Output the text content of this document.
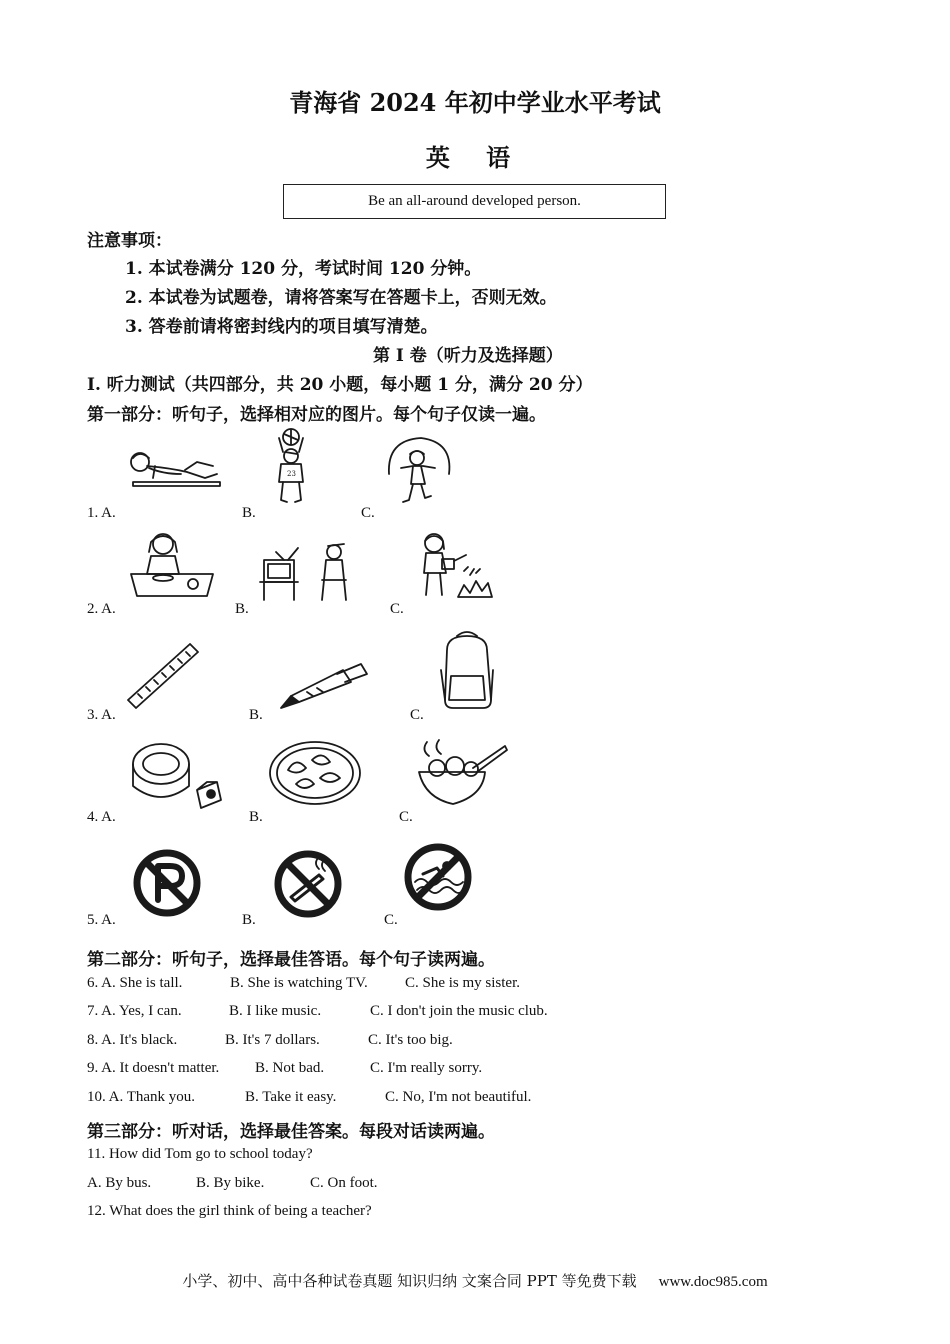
青海省 2024 年初中学业水平考试
英 语
Be an all-around developed person.
注意事项：
1. 本试卷满分 120 分，考试时间 120 分钟。
2. 本试卷为试题卷，请将答案写在答题卡上，否则无效。
3. 答卷前请将密封线内的项目填写清楚。
第 I 卷（听力及选择题）
I. 听力测试（共四部分，共 20 小题，每小题 1 分，满分 20 分）
第一部分：听句子，选择相对应的图片。每个句子仅读一遍。
1. A.	B.	C.
23
2. A.	B.	C.
3. A.	B.	C.
4. A.	B.	C.
5. A.	B.	C.
第二部分：听句子，选择最佳答语。每个句子读两遍。
6. A. She is tall.	B. She is watching TV. C. She is my sister.
7. A. Yes, I can.	B. I like music.	C. I don't join the music club.
8. A. It's black.	B. It's 7 dollars.	C. It's too big.
9. A. It doesn't matter. B. Not bad.	C. I'm really sorry.
10. A. Thank you.	B. Take it easy.	C. No, I'm not beautiful.
第三部分：听对话，选择最佳答案。每段对话读两遍。
11. How did Tom go to school today?
A. By bus.	B. By bike.	C. On foot.
12. What does the girl think of being a teacher?
小学、初中、高中各种试卷真题 知识归纳 文案合同 PPT 等免费下载 www.doc985.com
